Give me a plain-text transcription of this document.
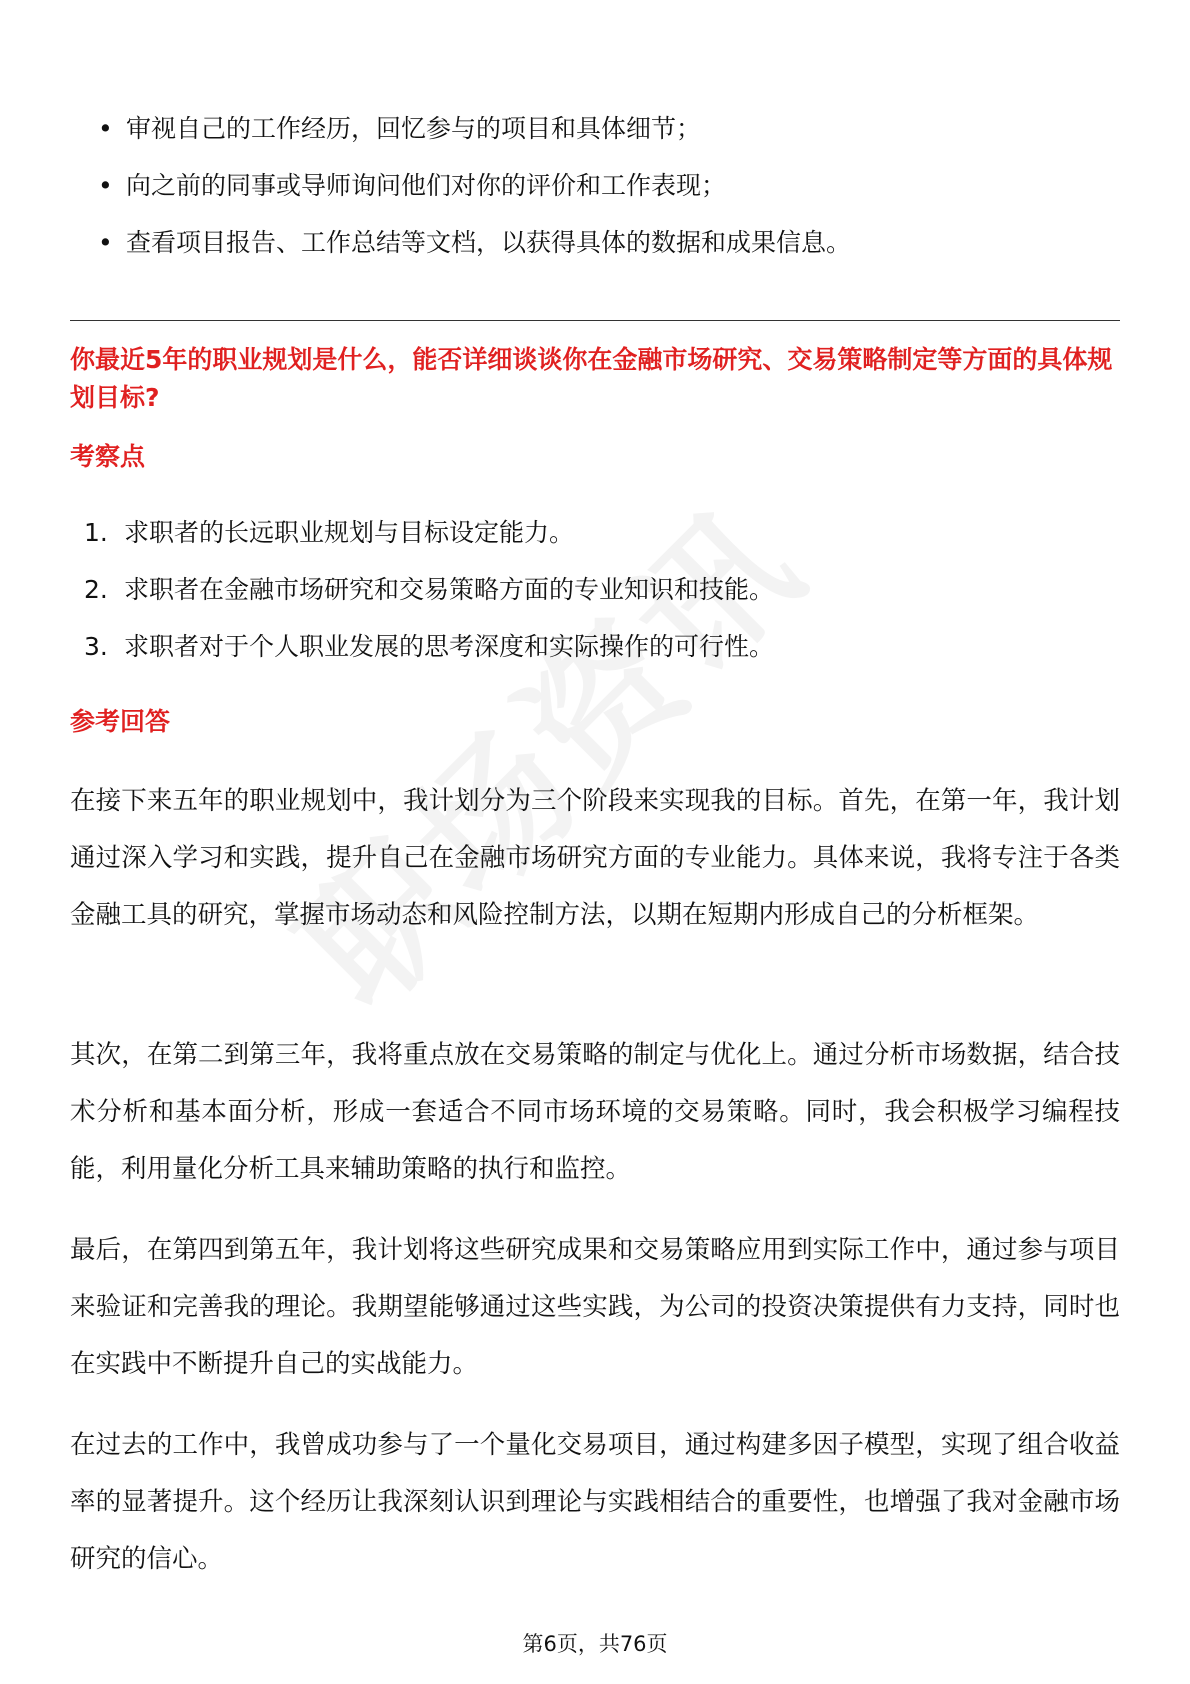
• 审视自己的工作经历，回忆参与的项目和具体细节；
• 向之前的同事或导师询问他们对你的评价和工作表现；
• 查看项目报告、工作总结等文档，以获得具体的数据和成果信息。
你最近5年的职业规划是什么，能否详细谈谈你在金融市场研究、交易策略制定等方面的具体规划目标?
考察点
1. 求职者的长远职业规划与目标设定能力。
2. 求职者在金融市场研究和交易策略方面的专业知识和技能。
3. 求职者对于个人职业发展的思考深度和实际操作的可行性。
参考回答

在接下来五年的职业规划中，我计划分为三个阶段来实现我的目标。首先，在第一年，我计划通过深入学习和实践，提升自己在金融市场研究方面的专业能力。具体来说，我将专注于各类金融工具的研究，掌握市场动态和风险控制方法，以期在短期内形成自己的分析框架。

其次，在第二到第三年，我将重点放在交易策略的制定与优化上。通过分析市场数据，结合技术分析和基本面分析，形成一套适合不同市场环境的交易策略。同时，我会积极学习编程技能，利用量化分析工具来辅助策略的执行和监控。

最后，在第四到第五年，我计划将这些研究成果和交易策略应用到实际工作中，通过参与项目来验证和完善我的理论。我期望能够通过这些实践，为公司的投资决策提供有力支持，同时也在实践中不断提升自己的实战能力。

在过去的工作中，我曾成功参与了一个量化交易项目，通过构建多因子模型，实现了组合收益率的显著提升。这个经历让我深刻认识到理论与实践相结合的重要性，也增强了我对金融市场研究的信心。

第6页，共76页
